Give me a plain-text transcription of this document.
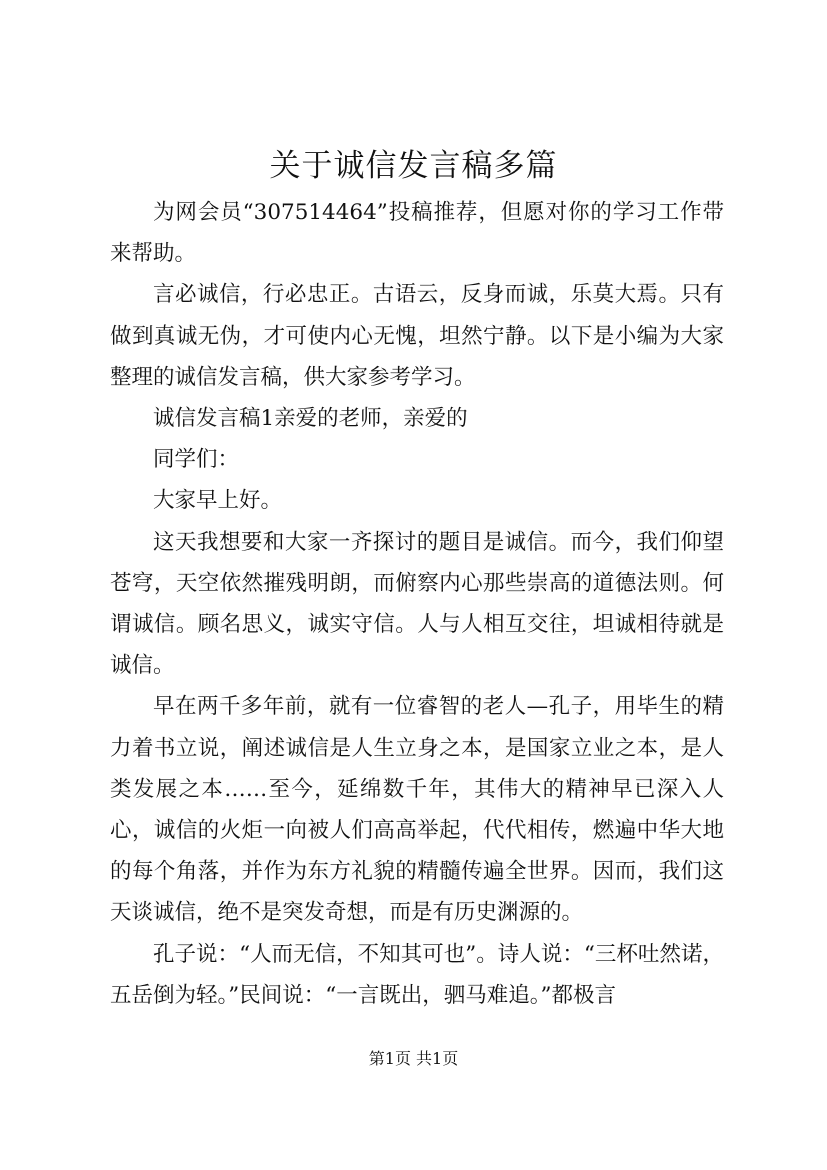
关于诚信发言稿多篇

为网会员“307514464”投稿推荐，但愿对你的学习工作带来帮助。

言必诚信，行必忠正。古语云，反身而诚，乐莫大焉。只有做到真诚无伪，才可使内心无愧，坦然宁静。以下是小编为大家整理的诚信发言稿，供大家参考学习。

诚信发言稿1亲爱的老师，亲爱的

同学们：

大家早上好。

这天我想要和大家一齐探讨的题目是诚信。而今，我们仰望苍穹，天空依然摧残明朗，而俯察内心那些崇高的道德法则。何谓诚信。顾名思义，诚实守信。人与人相互交往，坦诚相待就是诚信。

早在两千多年前，就有一位睿智的老人—孔子，用毕生的精力着书立说，阐述诚信是人生立身之本，是国家立业之本，是人类发展之本……至今，延绵数千年，其伟大的精神早已深入人心，诚信的火炬一向被人们高高举起，代代相传，燃遍中华大地的每个角落，并作为东方礼貌的精髓传遍全世界。因而，我们这天谈诚信，绝不是突发奇想，而是有历史渊源的。

孔子说：“人而无信，不知其可也”。诗人说：“三杯吐然诺，五岳倒为轻。”民间说：“一言既出，驷马难追。”都极言

第1页 共1页
